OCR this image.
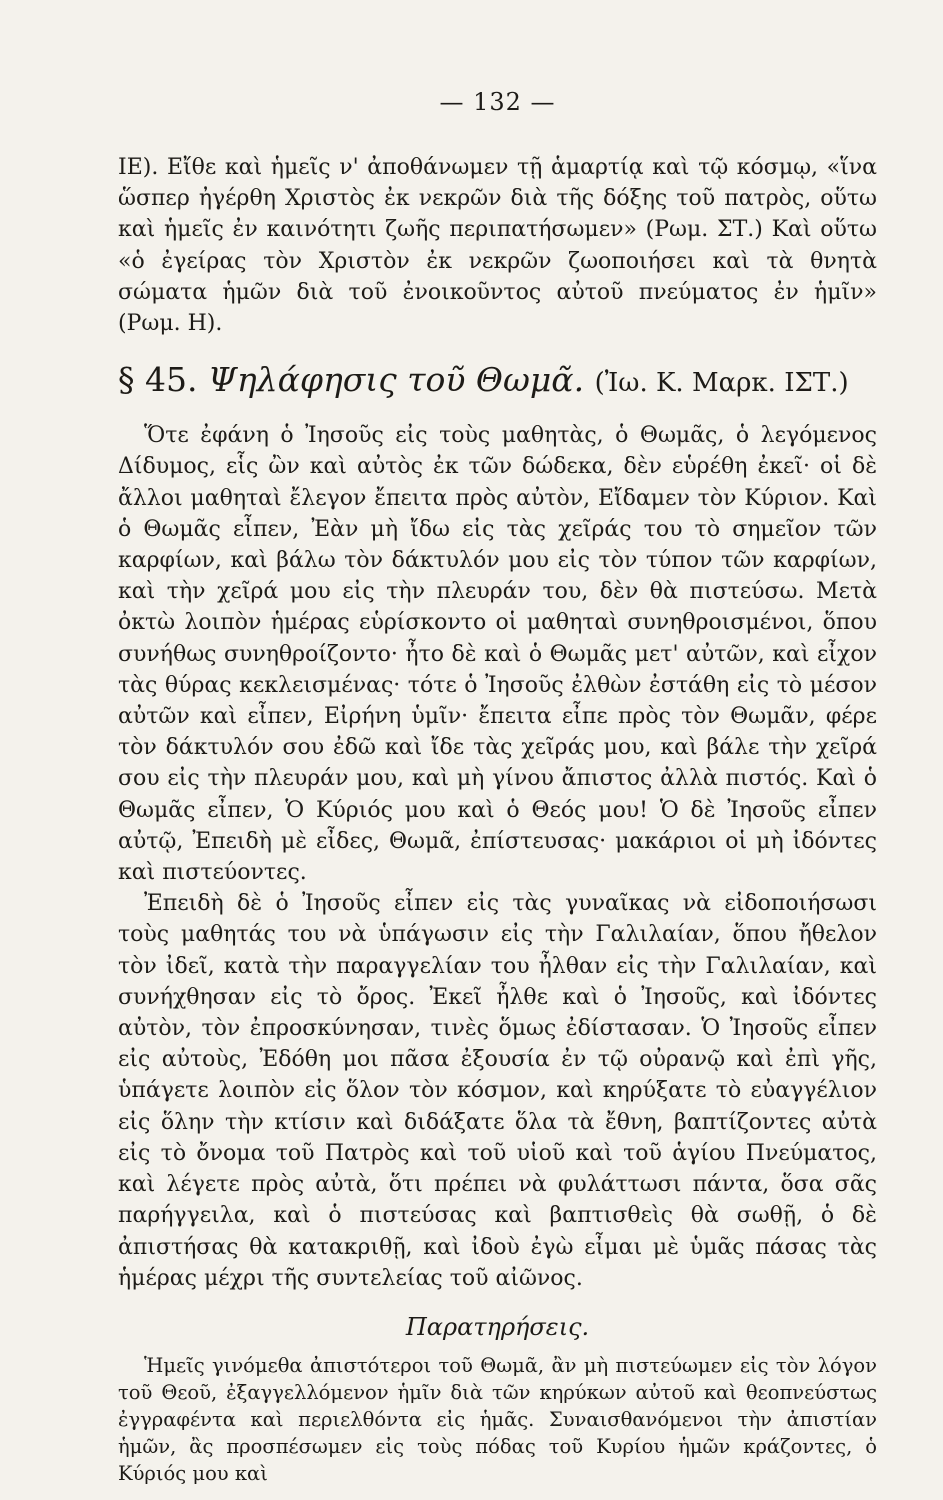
— 132 —

ΙΕ). Εἴθε καὶ ἡμεῖς ν' ἀποθάνωμεν τῇ ἁμαρτίᾳ καὶ τῷ κόσμῳ, «ἵνα ὥσπερ ἠγέρθη Χριστὸς ἐκ νεκρῶν διὰ τῆς δόξης τοῦ πατρὸς, οὕτω καὶ ἡμεῖς ἐν καινότητι ζωῆς περιπατήσωμεν» (Ρωμ. ΣΤ.) Καὶ οὕτω «ὁ ἐγείρας τὸν Χριστὸν ἐκ νεκρῶν ζωοποιήσει καὶ τὰ θνητὰ σώματα ἡμῶν διὰ τοῦ ἐνοικοῦντος αὐτοῦ πνεύματος ἐν ἡμῖν» (Ρωμ. Η).

§ 45. Ψηλάφησις τοῦ Θωμᾶ. (Ἰω. Κ. Μαρκ. ΙΣΤ.)

Ὅτε ἐφάνη ὁ Ἰησοῦς εἰς τοὺς μαθητὰς, ὁ Θωμᾶς, ὁ λεγόμενος Δίδυμος, εἷς ὢν καὶ αὐτὸς ἐκ τῶν δώδεκα, δὲν εὑρέθη ἐκεῖ· οἱ δὲ ἄλλοι μαθηταὶ ἔλεγον ἔπειτα πρὸς αὐτὸν, Εἴδαμεν τὸν Κύριον. Καὶ ὁ Θωμᾶς εἶπεν, Ἐὰν μὴ ἴδω εἰς τὰς χεῖράς του τὸ σημεῖον τῶν καρφίων, καὶ βάλω τὸν δάκτυλόν μου εἰς τὸν τύπον τῶν καρφίων, καὶ τὴν χεῖρά μου εἰς τὴν πλευράν του, δὲν θὰ πιστεύσω. Μετὰ ὀκτὼ λοιπὸν ἡμέρας εὑρίσκοντο οἱ μαθηταὶ συνηθροισμένοι, ὅπου συνήθως συνηθροίζοντο· ἦτο δὲ καὶ ὁ Θωμᾶς μετ' αὐτῶν, καὶ εἶχον τὰς θύρας κεκλεισμένας· τότε ὁ Ἰησοῦς ἐλθὼν ἐστάθη εἰς τὸ μέσον αὐτῶν καὶ εἶπεν, Εἰρήνη ὑμῖν· ἔπειτα εἶπε πρὸς τὸν Θωμᾶν, φέρε τὸν δάκτυλόν σου ἐδῶ καὶ ἴδε τὰς χεῖράς μου, καὶ βάλε τὴν χεῖρά σου εἰς τὴν πλευράν μου, καὶ μὴ γίνου ἄπιστος ἀλλὰ πιστός. Καὶ ὁ Θωμᾶς εἶπεν, Ὁ Κύριός μου καὶ ὁ Θεός μου! Ὁ δὲ Ἰησοῦς εἶπεν αὐτῷ, Ἐπειδὴ μὲ εἶδες, Θωμᾶ, ἐπίστευσας· μακάριοι οἱ μὴ ἰδόντες καὶ πιστεύοντες.

Ἐπειδὴ δὲ ὁ Ἰησοῦς εἶπεν εἰς τὰς γυναῖκας νὰ εἰδοποιήσωσι τοὺς μαθητάς του νὰ ὑπάγωσιν εἰς τὴν Γαλιλαίαν, ὅπου ἤθελον τὸν ἰδεῖ, κατὰ τὴν παραγγελίαν του ἦλθαν εἰς τὴν Γαλιλαίαν, καὶ συνήχθησαν εἰς τὸ ὄρος. Ἐκεῖ ἦλθε καὶ ὁ Ἰησοῦς, καὶ ἰδόντες αὐτὸν, τὸν ἐπροσκύνησαν, τινὲς ὅμως ἐδίστασαν. Ὁ Ἰησοῦς εἶπεν εἰς αὐτοὺς, Ἐδόθη μοι πᾶσα ἐξουσία ἐν τῷ οὐρανῷ καὶ ἐπὶ γῆς, ὑπάγετε λοιπὸν εἰς ὅλον τὸν κόσμον, καὶ κηρύξατε τὸ εὐαγγέλιον εἰς ὅλην τὴν κτίσιν καὶ διδάξατε ὅλα τὰ ἔθνη, βαπτίζοντες αὐτὰ εἰς τὸ ὄνομα τοῦ Πατρὸς καὶ τοῦ υἱοῦ καὶ τοῦ ἁγίου Πνεύματος, καὶ λέγετε πρὸς αὐτὰ, ὅτι πρέπει νὰ φυλάττωσι πάντα, ὅσα σᾶς παρήγγειλα, καὶ ὁ πιστεύσας καὶ βαπτισθεὶς θὰ σωθῇ, ὁ δὲ ἀπιστήσας θὰ κατακριθῇ, καὶ ἰδοὺ ἐγὼ εἶμαι μὲ ὑμᾶς πάσας τὰς ἡμέρας μέχρι τῆς συντελείας τοῦ αἰῶνος.

Παρατηρήσεις.

Ἡμεῖς γινόμεθα ἀπιστότεροι τοῦ Θωμᾶ, ἂν μὴ πιστεύωμεν εἰς τὸν λόγον τοῦ Θεοῦ, ἐξαγγελλόμενον ἡμῖν διὰ τῶν κηρύκων αὐτοῦ καὶ θεοπνεύστως ἐγγραφέντα καὶ περιελθόντα εἰς ἡμᾶς. Συναισθανόμενοι τὴν ἀπιστίαν ἡμῶν, ἂς προσπέσωμεν εἰς τοὺς πόδας τοῦ Κυρίου ἡμῶν κράζοντες, ὁ Κύριός μου καὶ
